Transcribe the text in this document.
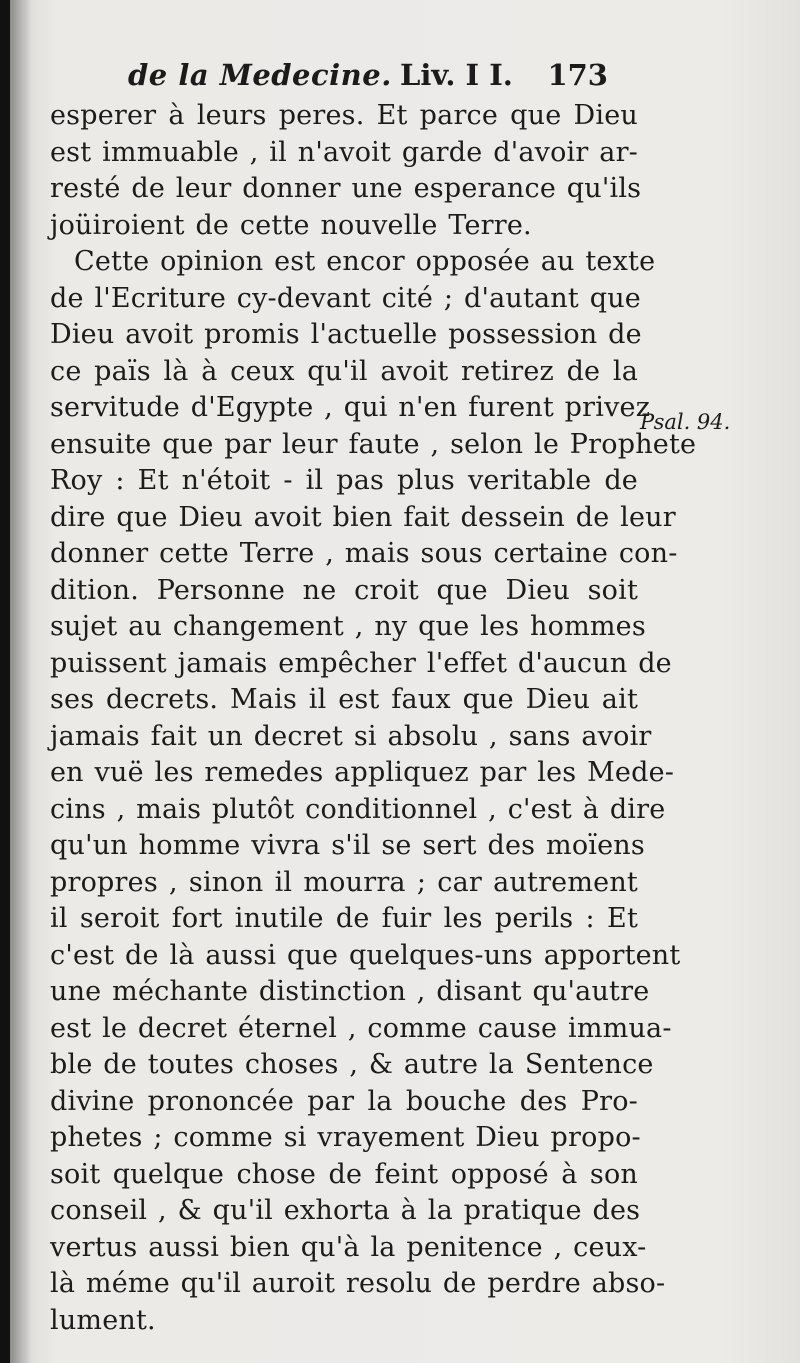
de la Medecine. Liv. I I. 173
Psal. 94.
esperer à leurs peres. Et parce que Dieu
est immuable , il n'avoit garde d'avoir ar-
resté de leur donner une esperance qu'ils
joüiroient de cette nouvelle Terre.
Cette opinion est encor opposée au texte
de l'Ecriture cy-devant cité ; d'autant que
Dieu avoit promis l'actuelle possession de
ce païs là à ceux qu'il avoit retirez de la
servitude d'Egypte , qui n'en furent privez
ensuite que par leur faute , selon le Prophete
Roy : Et n'étoit - il pas plus veritable de
dire que Dieu avoit bien fait dessein de leur
donner cette Terre , mais sous certaine con-
dition. Personne ne croit que Dieu soit
sujet au changement , ny que les hommes
puissent jamais empêcher l'effet d'aucun de
ses decrets. Mais il est faux que Dieu ait
jamais fait un decret si absolu , sans avoir
en vuë les remedes appliquez par les Mede-
cins , mais plutôt conditionnel , c'est à dire
qu'un homme vivra s'il se sert des moïens
propres , sinon il mourra ; car autrement
il seroit fort inutile de fuir les perils : Et
c'est de là aussi que quelques-uns apportent
une méchante distinction , disant qu'autre
est le decret éternel , comme cause immua-
ble de toutes choses , & autre la Sentence
divine prononcée par la bouche des Pro-
phetes ; comme si vrayement Dieu propo-
soit quelque chose de feint opposé à son
conseil , & qu'il exhorta à la pratique des
vertus aussi bien qu'à la penitence , ceux-
là méme qu'il auroit resolu de perdre abso-
lument.
